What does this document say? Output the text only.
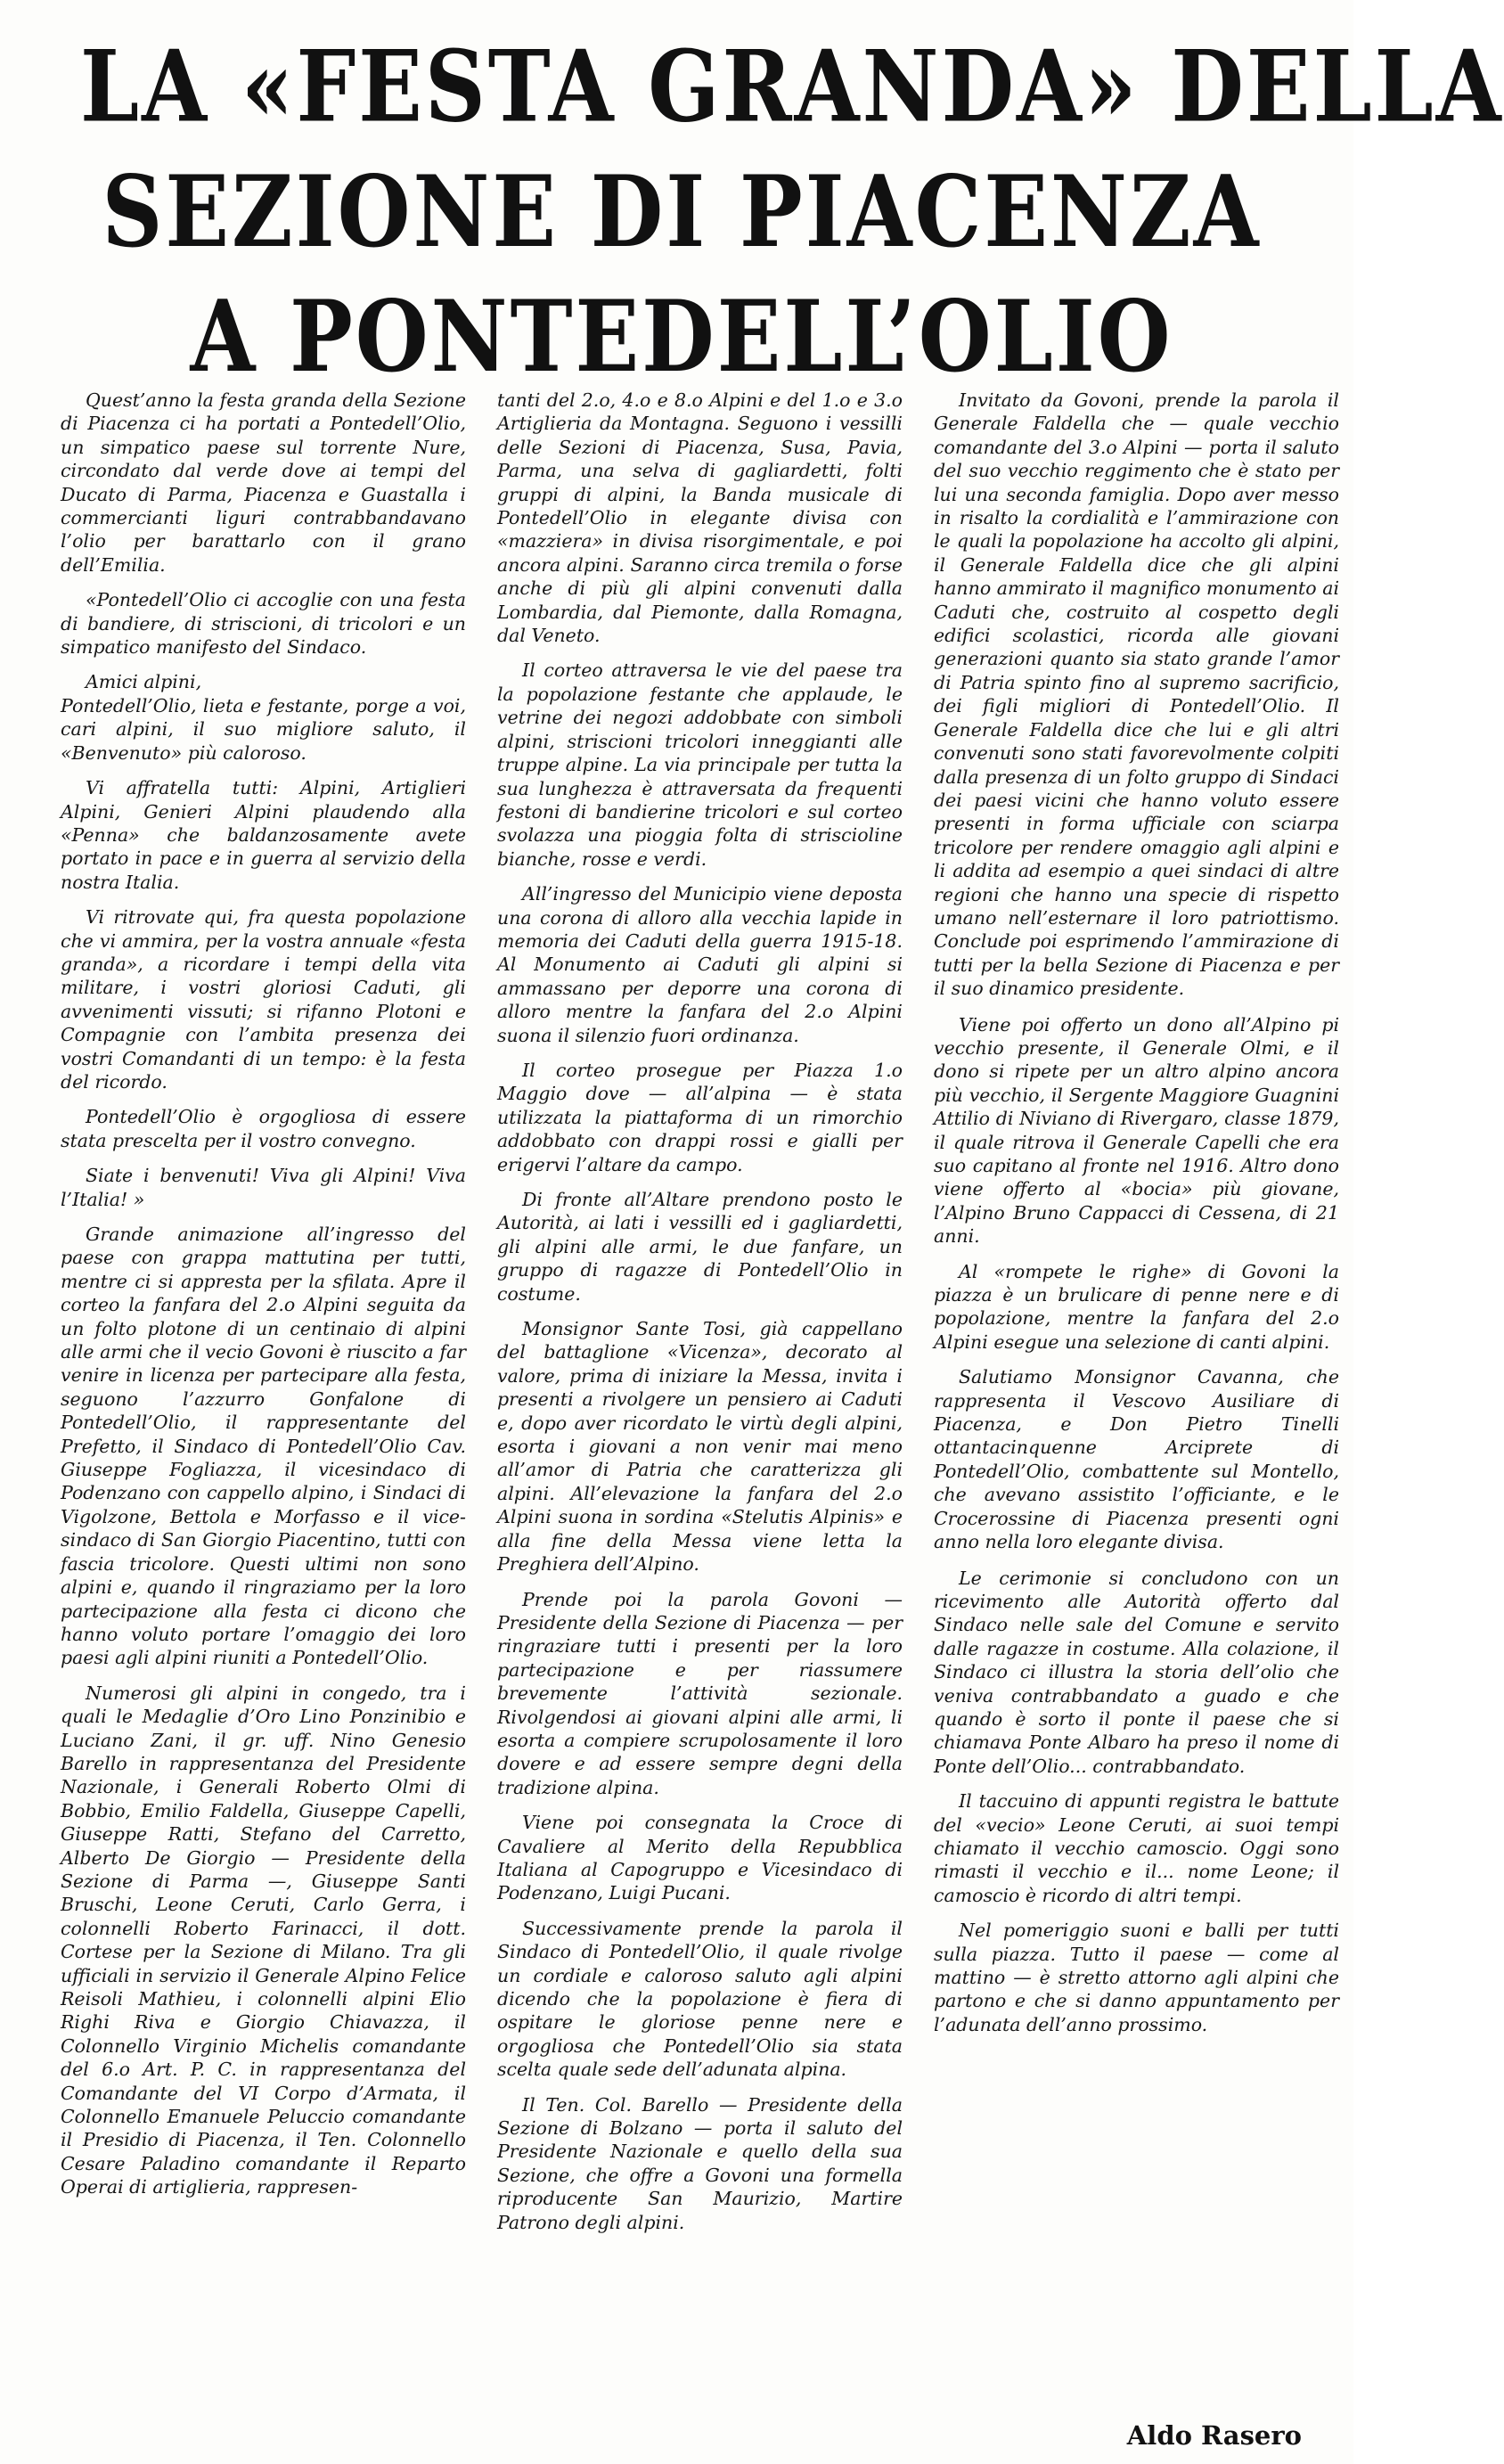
LA «FESTA GRANDA» DELLA
SEZIONE DI PIACENZA
A PONTEDELL’OLIO

Quest’anno la festa granda della Sezione di Piacenza ci ha portati a Pontedell’Olio, un simpatico paese sul torrente Nure, circondato dal verde dove ai tempi del Ducato di Parma, Piacenza e Guastalla i commercianti liguri contrabbandavano l’olio per barattarlo con il grano dell’Emilia.

«Pontedell’Olio ci accoglie con una festa di bandiere, di striscioni, di tricolori e un simpatico manifesto del Sindaco.

Amici alpini,
Pontedell’Olio, lieta e festante, porge a voi, cari alpini, il suo migliore saluto, il «Benvenuto» più caloroso.

Vi affratella tutti: Alpini, Artiglieri Alpini, Genieri Alpini plaudendo alla «Penna» che baldanzosamente avete portato in pace e in guerra al servizio della nostra Italia.

Vi ritrovate qui, fra questa popolazione che vi ammira, per la vostra annuale «festa granda», a ricordare i tempi della vita militare, i vostri gloriosi Caduti, gli avvenimenti vissuti; si rifanno Plotoni e Compagnie con l’ambita presenza dei vostri Comandanti di un tempo: è la festa del ricordo.

Pontedell’Olio è orgogliosa di essere stata prescelta per il vostro convegno.

Siate i benvenuti! Viva gli Alpini! Viva l’Italia! »

Grande animazione all’ingresso del paese con grappa mattutina per tutti, mentre ci si appresta per la sfilata. Apre il corteo la fanfara del 2.o Alpini seguita da un folto plotone di un centinaio di alpini alle armi che il vecio Govoni è riuscito a far venire in licenza per partecipare alla festa, seguono l’azzurro Gonfalone di Pontedell’Olio, il rappresentante del Prefetto, il Sindaco di Pontedell’Olio Cav. Giuseppe Fogliazza, il vicesindaco di Podenzano con cappello alpino, i Sindaci di Vigolzone, Bettola e Morfasso e il vice-sindaco di San Giorgio Piacentino, tutti con fascia tricolore. Questi ultimi non sono alpini e, quando il ringraziamo per la loro partecipazione alla festa ci dicono che hanno voluto portare l’omaggio dei loro paesi agli alpini riuniti a Pontedell’Olio.

Numerosi gli alpini in congedo, tra i quali le Medaglie d’Oro Lino Ponzinibio e Luciano Zani, il gr. uff. Nino Genesio Barello in rappresentanza del Presidente Nazionale, i Generali Roberto Olmi di Bobbio, Emilio Faldella, Giuseppe Capelli, Giuseppe Ratti, Stefano del Carretto, Alberto De Giorgio — Presidente della Sezione di Parma —, Giuseppe Santi Bruschi, Leone Ceruti, Carlo Gerra, i colonnelli Roberto Farinacci, il dott. Cortese per la Sezione di Milano. Tra gli ufficiali in servizio il Generale Alpino Felice Reisoli Mathieu, i colonnelli alpini Elio Righi Riva e Giorgio Chiavazza, il Colonnello Virginio Michelis comandante del 6.o Art. P. C. in rappresentanza del Comandante del VI Corpo d’Armata, il Colonnello Emanuele Peluccio comandante il Presidio di Piacenza, il Ten. Colonnello Cesare Paladino comandante il Reparto Operai di artiglieria, rappresen-

tanti del 2.o, 4.o e 8.o Alpini e del 1.o e 3.o Artiglieria da Montagna. Seguono i vessilli delle Sezioni di Piacenza, Susa, Pavia, Parma, una selva di gagliardetti, folti gruppi di alpini, la Banda musicale di Pontedell’Olio in elegante divisa con «mazziera» in divisa risorgimentale, e poi ancora alpini. Saranno circa tremila o forse anche di più gli alpini convenuti dalla Lombardia, dal Piemonte, dalla Romagna, dal Veneto.

Il corteo attraversa le vie del paese tra la popolazione festante che applaude, le vetrine dei negozi addobbate con simboli alpini, striscioni tricolori inneggianti alle truppe alpine. La via principale per tutta la sua lunghezza è attraversata da frequenti festoni di bandierine tricolori e sul corteo svolazza una pioggia folta di striscioline bianche, rosse e verdi.

All’ingresso del Municipio viene deposta una corona di alloro alla vecchia lapide in memoria dei Caduti della guerra 1915-18. Al Monumento ai Caduti gli alpini si ammassano per deporre una corona di alloro mentre la fanfara del 2.o Alpini suona il silenzio fuori ordinanza.

Il corteo prosegue per Piazza 1.o Maggio dove — all’alpina — è stata utilizzata la piattaforma di un rimorchio addobbato con drappi rossi e gialli per erigervi l’altare da campo.

Di fronte all’Altare prendono posto le Autorità, ai lati i vessilli ed i gagliardetti, gli alpini alle armi, le due fanfare, un gruppo di ragazze di Pontedell’Olio in costume.

Monsignor Sante Tosi, già cappellano del battaglione «Vicenza», decorato al valore, prima di iniziare la Messa, invita i presenti a rivolgere un pensiero ai Caduti e, dopo aver ricordato le virtù degli alpini, esorta i giovani a non venir mai meno all’amor di Patria che caratterizza gli alpini. All’elevazione la fanfara del 2.o Alpini suona in sordina «Stelutis Alpinis» e alla fine della Messa viene letta la Preghiera dell’Alpino.

Prende poi la parola Govoni — Presidente della Sezione di Piacenza — per ringraziare tutti i presenti per la loro partecipazione e per riassumere brevemente l’attività sezionale. Rivolgendosi ai giovani alpini alle armi, li esorta a compiere scrupolosamente il loro dovere e ad essere sempre degni della tradizione alpina.

Viene poi consegnata la Croce di Cavaliere al Merito della Repubblica Italiana al Capogruppo e Vicesindaco di Podenzano, Luigi Pucani.

Successivamente prende la parola il Sindaco di Pontedell’Olio, il quale rivolge un cordiale e caloroso saluto agli alpini dicendo che la popolazione è fiera di ospitare le gloriose penne nere e orgogliosa che Pontedell’Olio sia stata scelta quale sede dell’adunata alpina.

Il Ten. Col. Barello — Presidente della Sezione di Bolzano — porta il saluto del Presidente Nazionale e quello della sua Sezione, che offre a Govoni una formella riproducente San Maurizio, Martire Patrono degli alpini.

Invitato da Govoni, prende la parola il Generale Faldella che — quale vecchio comandante del 3.o Alpini — porta il saluto del suo vecchio reggimento che è stato per lui una seconda famiglia. Dopo aver messo in risalto la cordialità e l’ammirazione con le quali la popolazione ha accolto gli alpini, il Generale Faldella dice che gli alpini hanno ammirato il magnifico monumento ai Caduti che, costruito al cospetto degli edifici scolastici, ricorda alle giovani generazioni quanto sia stato grande l’amor di Patria spinto fino al supremo sacrificio, dei figli migliori di Pontedell’Olio. Il Generale Faldella dice che lui e gli altri convenuti sono stati favorevolmente colpiti dalla presenza di un folto gruppo di Sindaci dei paesi vicini che hanno voluto essere presenti in forma ufficiale con sciarpa tricolore per rendere omaggio agli alpini e li addita ad esempio a quei sindaci di altre regioni che hanno una specie di rispetto umano nell’esternare il loro patriottismo. Conclude poi esprimendo l’ammirazione di tutti per la bella Sezione di Piacenza e per il suo dinamico presidente.

Viene poi offerto un dono all’Alpino pi vecchio presente, il Generale Olmi, e il dono si ripete per un altro alpino ancora più vecchio, il Sergente Maggiore Guagnini Attilio di Niviano di Rivergaro, classe 1879, il quale ritrova il Generale Capelli che era suo capitano al fronte nel 1916. Altro dono viene offerto al «bocia» più giovane, l’Alpino Bruno Cappacci di Cessena, di 21 anni.

Al «rompete le righe» di Govoni la piazza è un brulicare di penne nere e di popolazione, mentre la fanfara del 2.o Alpini esegue una selezione di canti alpini.

Salutiamo Monsignor Cavanna, che rappresenta il Vescovo Ausiliare di Piacenza, e Don Pietro Tinelli ottantacinquenne Arciprete di Pontedell’Olio, combattente sul Montello, che avevano assistito l’officiante, e le Crocerossine di Piacenza presenti ogni anno nella loro elegante divisa.

Le cerimonie si concludono con un ricevimento alle Autorità offerto dal Sindaco nelle sale del Comune e servito dalle ragazze in costume. Alla colazione, il Sindaco ci illustra la storia dell’olio che veniva contrabbandato a guado e che quando è sorto il ponte il paese che si chiamava Ponte Albaro ha preso il nome di Ponte dell’Olio... contrabbandato.

Il taccuino di appunti registra le battute del «vecio» Leone Ceruti, ai suoi tempi chiamato il vecchio camoscio. Oggi sono rimasti il vecchio e il... nome Leone; il camoscio è ricordo di altri tempi.

Nel pomeriggio suoni e balli per tutti sulla piazza. Tutto il paese — come al mattino — è stretto attorno agli alpini che partono e che si danno appuntamento per l’adunata dell’anno prossimo.

Aldo Rasero
